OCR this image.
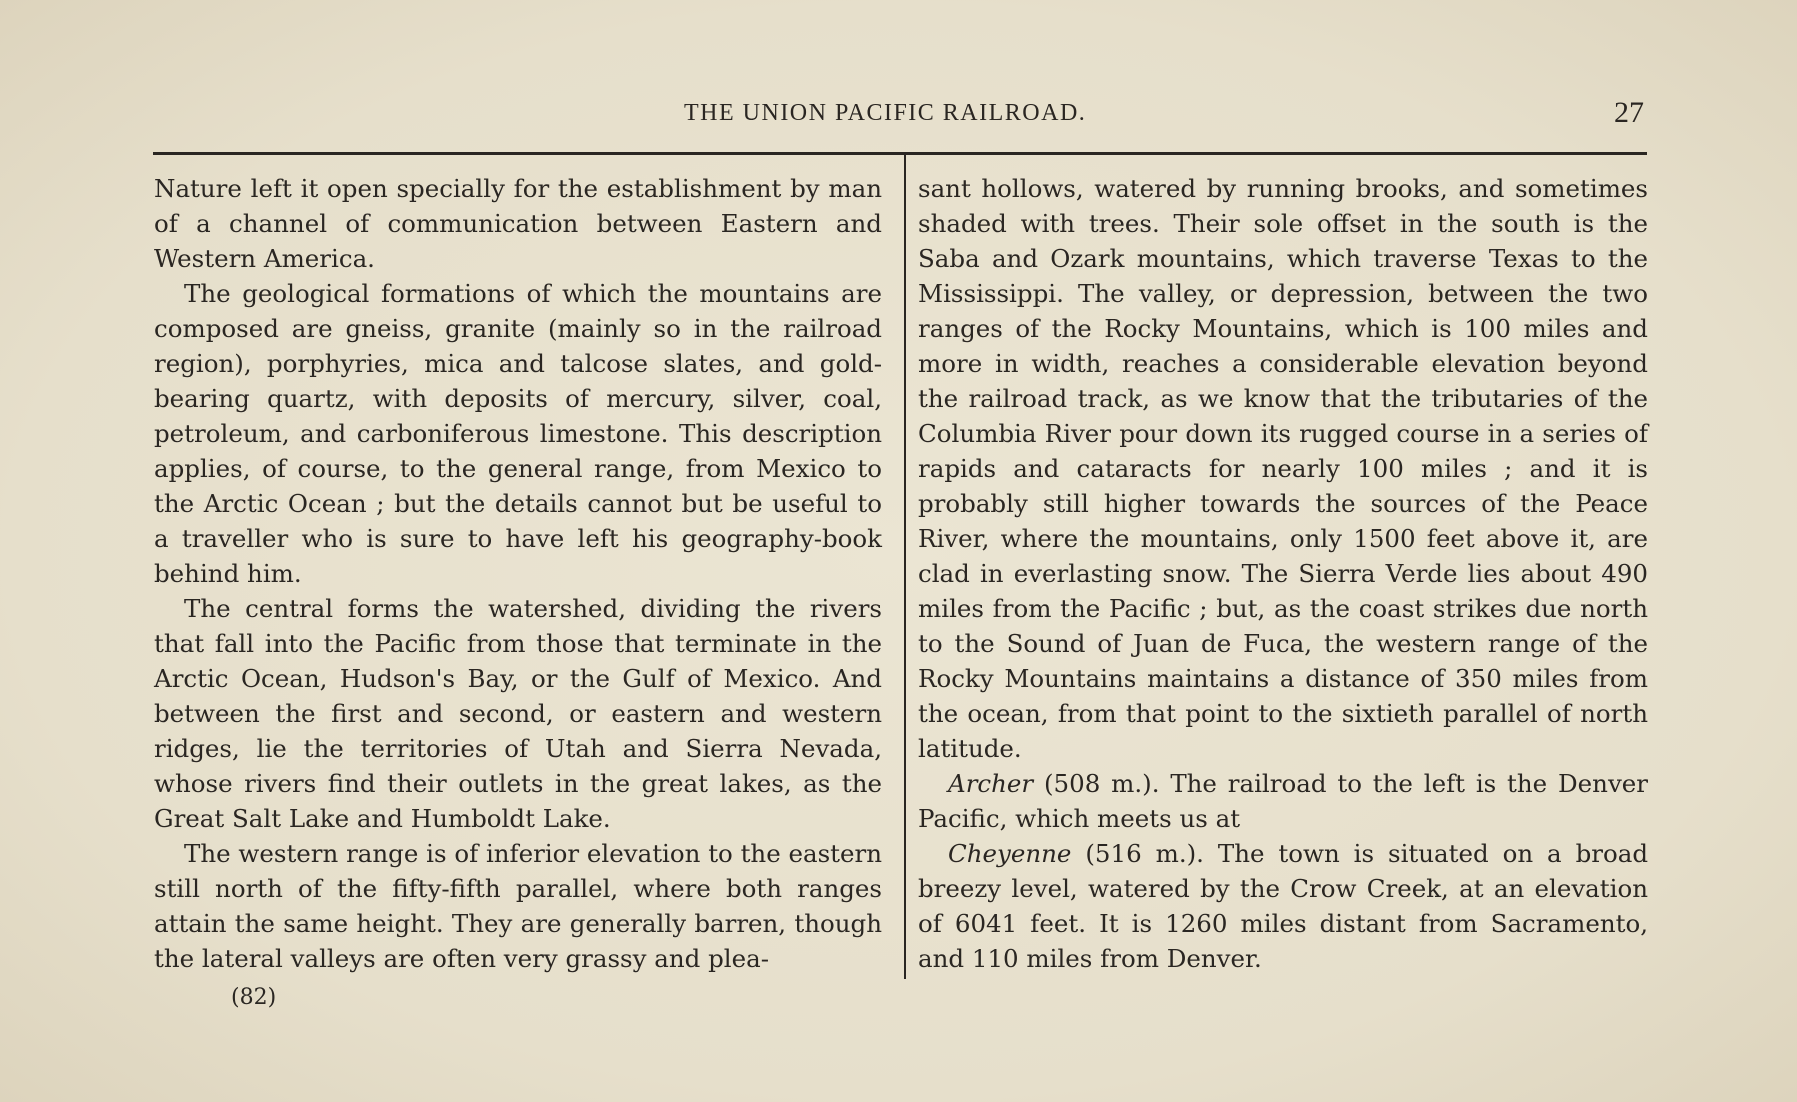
THE UNION PACIFIC RAILROAD.	27

Nature left it open specially for the establishment by man of a channel of communication between Eastern and Western America.

The geological formations of which the mountains are composed are gneiss, granite (mainly so in the railroad region), porphyries, mica and talcose slates, and gold-bearing quartz, with deposits of mercury, silver, coal, petroleum, and carboniferous limestone. This description applies, of course, to the general range, from Mexico to the Arctic Ocean ; but the details cannot but be useful to a traveller who is sure to have left his geography-book behind him.

The central forms the watershed, dividing the rivers that fall into the Pacific from those that terminate in the Arctic Ocean, Hudson's Bay, or the Gulf of Mexico. And between the first and second, or eastern and western ridges, lie the territories of Utah and Sierra Nevada, whose rivers find their outlets in the great lakes, as the Great Salt Lake and Humboldt Lake.

The western range is of inferior elevation to the eastern still north of the fifty-fifth parallel, where both ranges attain the same height. They are generally barren, though the lateral valleys are often very grassy and plea-

sant hollows, watered by running brooks, and sometimes shaded with trees. Their sole offset in the south is the Saba and Ozark mountains, which traverse Texas to the Mississippi. The valley, or depression, between the two ranges of the Rocky Mountains, which is 100 miles and more in width, reaches a considerable elevation beyond the railroad track, as we know that the tributaries of the Columbia River pour down its rugged course in a series of rapids and cataracts for nearly 100 miles ; and it is probably still higher towards the sources of the Peace River, where the mountains, only 1500 feet above it, are clad in everlasting snow. The Sierra Verde lies about 490 miles from the Pacific ; but, as the coast strikes due north to the Sound of Juan de Fuca, the western range of the Rocky Mountains maintains a distance of 350 miles from the ocean, from that point to the sixtieth parallel of north latitude.

Archer (508 m.). The railroad to the left is the Denver Pacific, which meets us at

Cheyenne (516 m.). The town is situated on a broad breezy level, watered by the Crow Creek, at an elevation of 6041 feet. It is 1260 miles distant from Sacramento, and 110 miles from Denver.

(82)
